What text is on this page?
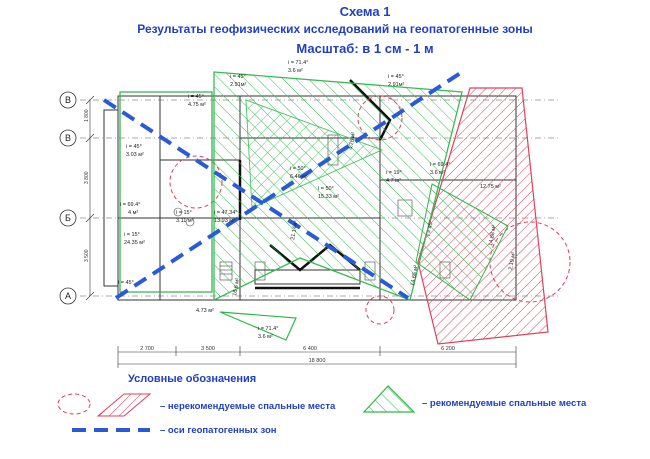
Схема 1
Результаты геофизических исследований на геопатогенные зоны
Масштаб: в 1 см - 1 м
В
В
Б
А
1 800
3 800
3 500
2 700	3 500	6 400	6 200
18 800
i = 45°
2.91м²
i = 71.4°
3.6 м²
i = 45°
2.91м²
i = 45°
4.75 м²
i = 45°
3.03 м²
i = 69.4°
4 м²
i = 15°
24.35 м²
i = 15°
3.11 м²
i = 47.34°
13.93 м²
i = 50°
6.46 м²
i = 50°
15.33 м²
i = 19°
4.7 м²
i = 69.4°
3.6 м²
i = 45°
4.73 м²
i = 71.4°
3.6 м²
12.75 м²
i = 45°
21.14м²	14.88 м²
14.65 м²
2.19 м²
16.6 м²
4.78 м²
Условные обозначения
– нерекомендуемые спальные места	– рекомендуемые спальные места
– оси геопатогенных зон
